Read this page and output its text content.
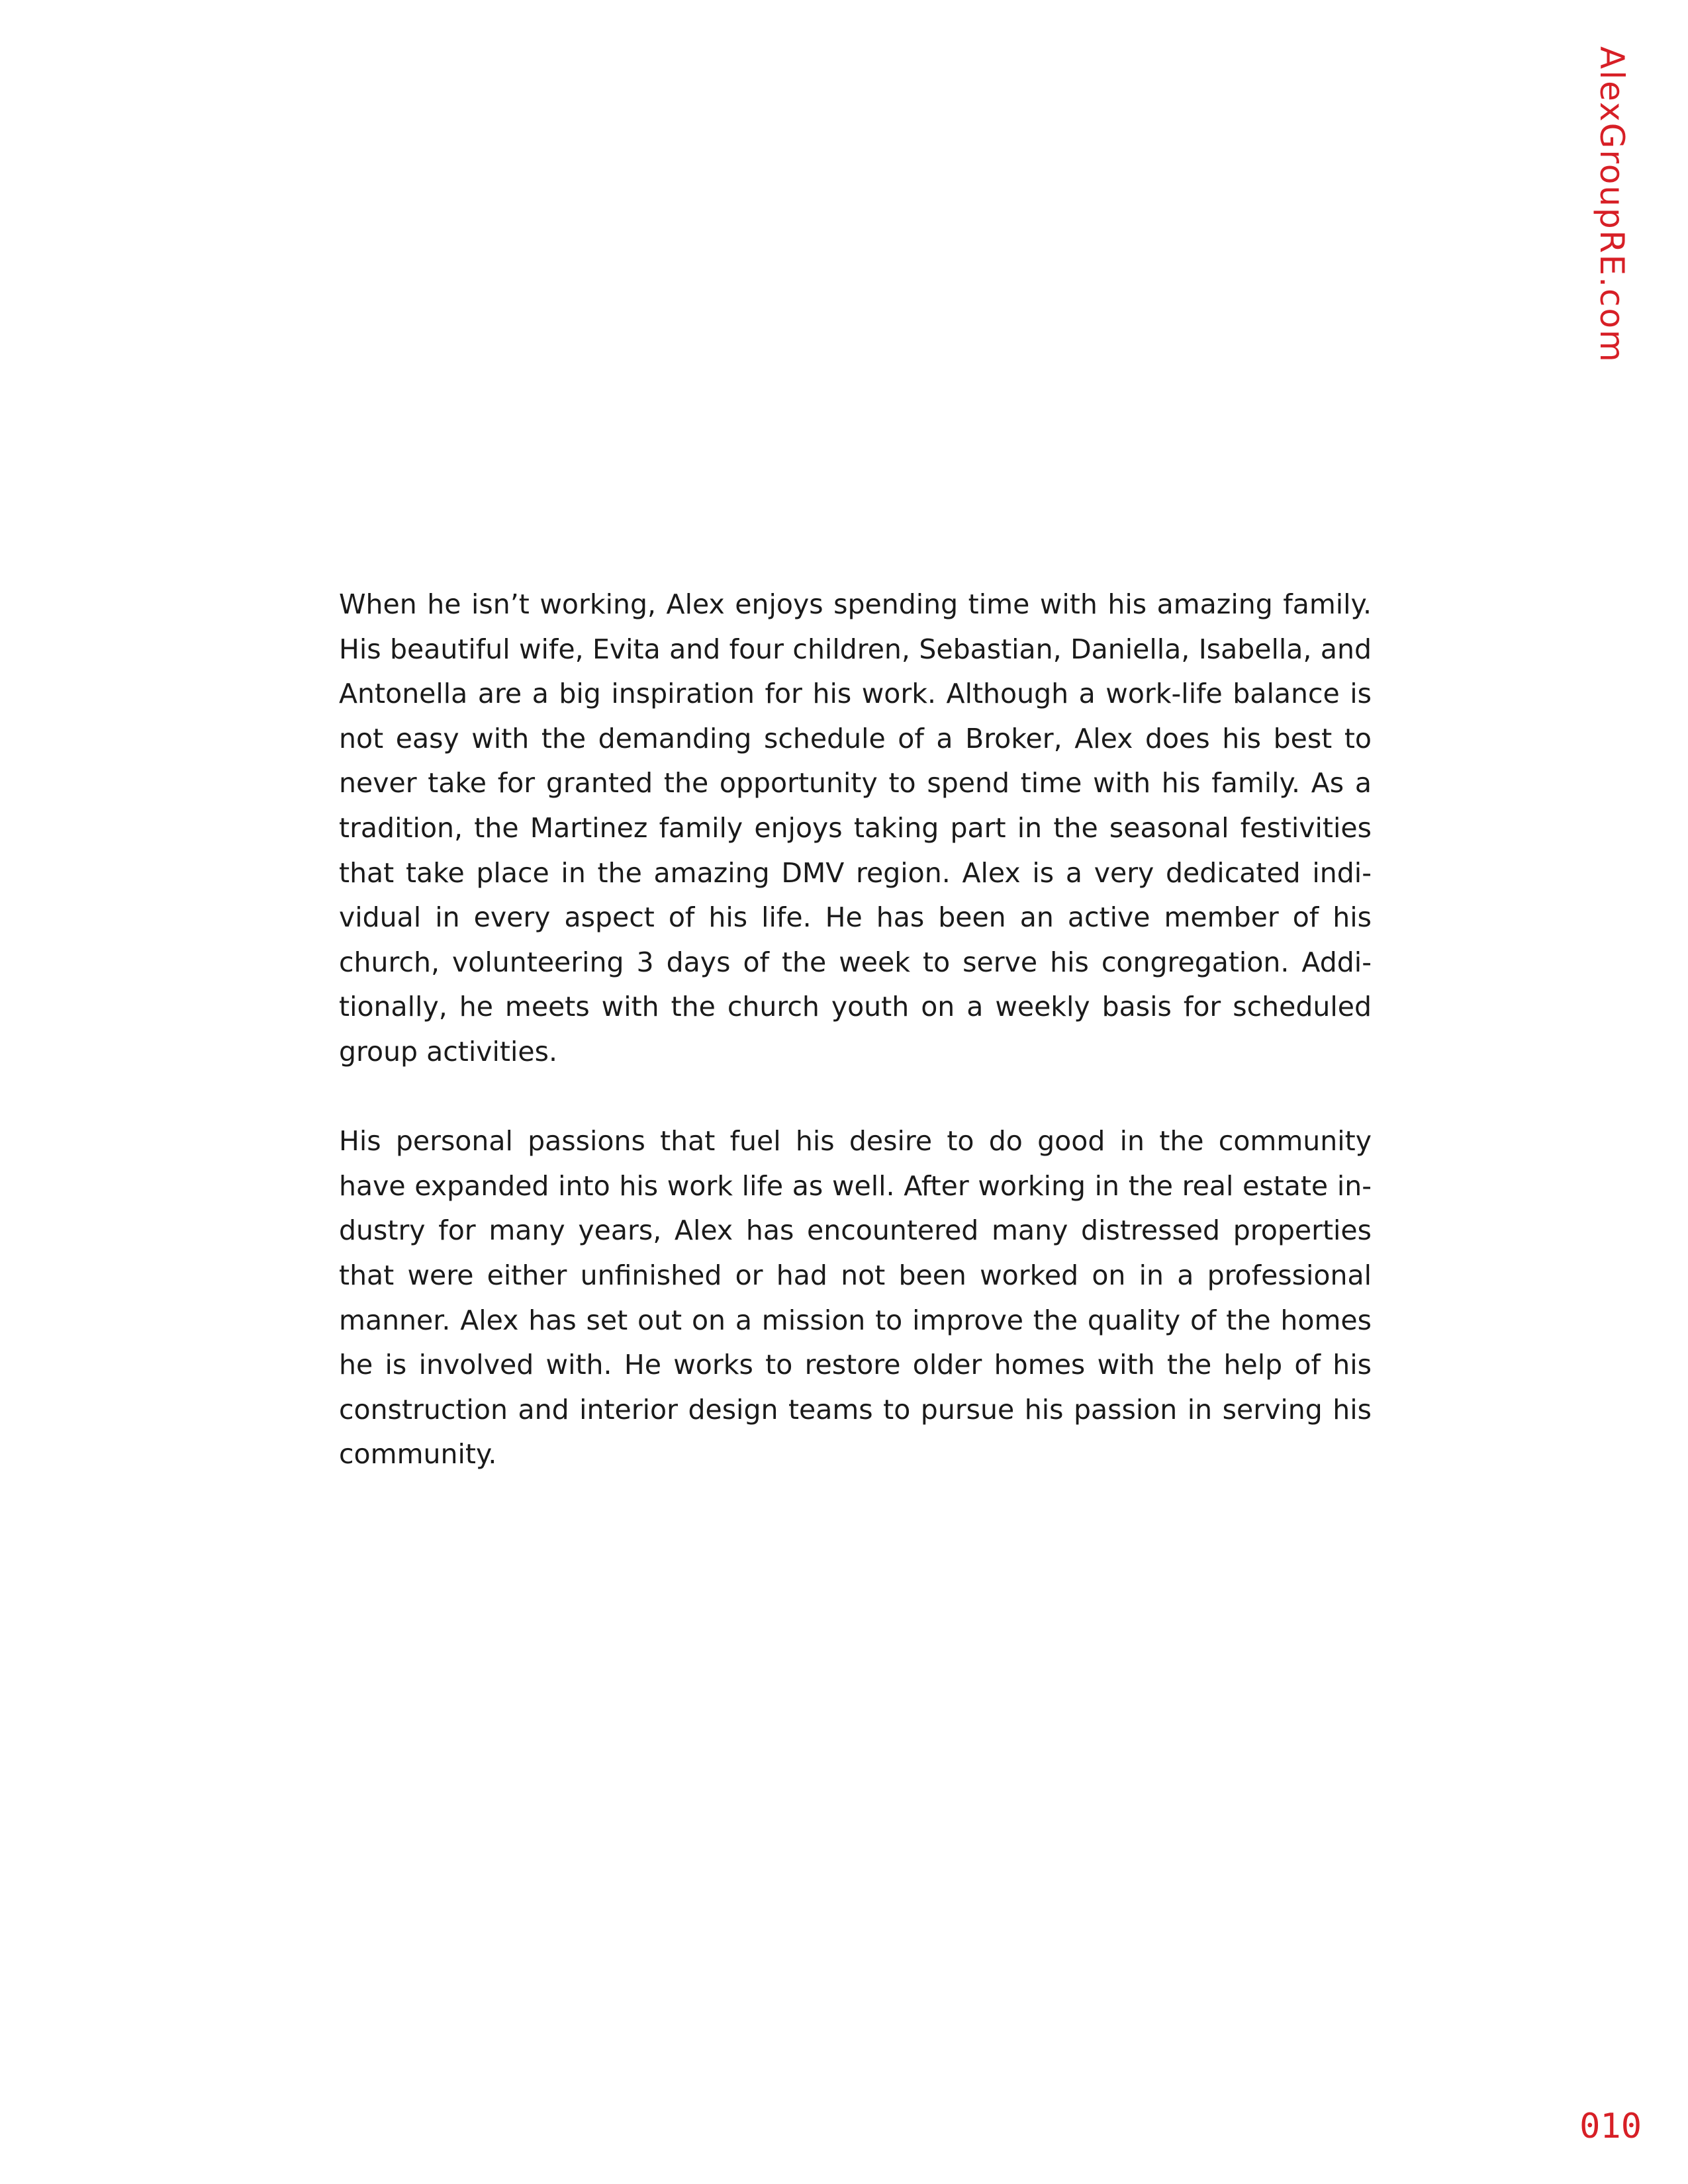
AlexGroupRE.com

When he isn’t working, Alex enjoys spending time with his amazing family. His beautiful wife, Evita and four children, Sebastian, Daniella, Isabella, and Antonella are a big inspiration for his work. Although a work-life balance is not easy with the demanding schedule of a Broker, Alex does his best to never take for granted the opportunity to spend time with his family. As a tradition, the Martinez family enjoys taking part in the seasonal festivities that take place in the amazing DMV region. Alex is a very dedicated individual in every aspect of his life. He has been an active member of his church, volunteering 3 days of the week to serve his congregation. Additionally, he meets with the church youth on a weekly basis for scheduled group activities.

His personal passions that fuel his desire to do good in the community have expanded into his work life as well. After working in the real estate industry for many years, Alex has encountered many distressed properties that were either unfinished or had not been worked on in a professional manner. Alex has set out on a mission to improve the quality of the homes he is involved with. He works to restore older homes with the help of his construction and interior design teams to pursue his passion in serving his community.

010
